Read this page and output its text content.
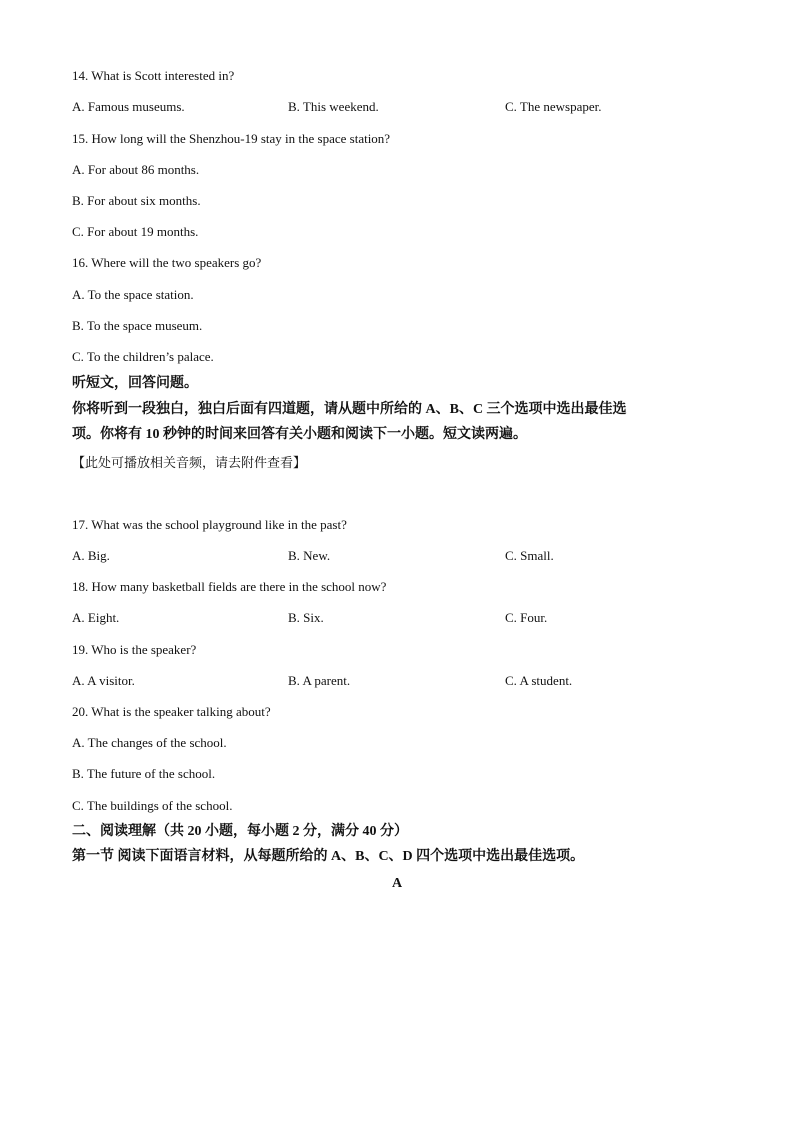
14. What is Scott interested in?
A. Famous museums.	B. This weekend.	C. The newspaper.
15. How long will the Shenzhou-19 stay in the space station?
A. For about 86 months.
B. For about six months.
C. For about 19 months.
16. Where will the two speakers go?
A. To the space station.
B. To the space museum.
C. To the children’s palace.
听短文，回答问题。
你将听到一段独白，独白后面有四道题，请从题中所给的 A、B、C 三个选项中选出最佳选
项。你将有 10 秒钟的时间来回答有关小题和阅读下一小题。短文读两遍。
【此处可播放相关音频，请去附件查看】
17. What was the school playground like in the past?
A. Big.	B. New.	C. Small.
18. How many basketball fields are there in the school now?
A. Eight.	B. Six.	C. Four.
19. Who is the speaker?
A. A visitor.	B. A parent.	C. A student.
20. What is the speaker talking about?
A. The changes of the school.
B. The future of the school.
C. The buildings of the school.
二、阅读理解（共 20 小题，每小题 2 分，满分 40 分）
第一节 阅读下面语言材料，从每题所给的 A、B、C、D 四个选项中选出最佳选项。
A
